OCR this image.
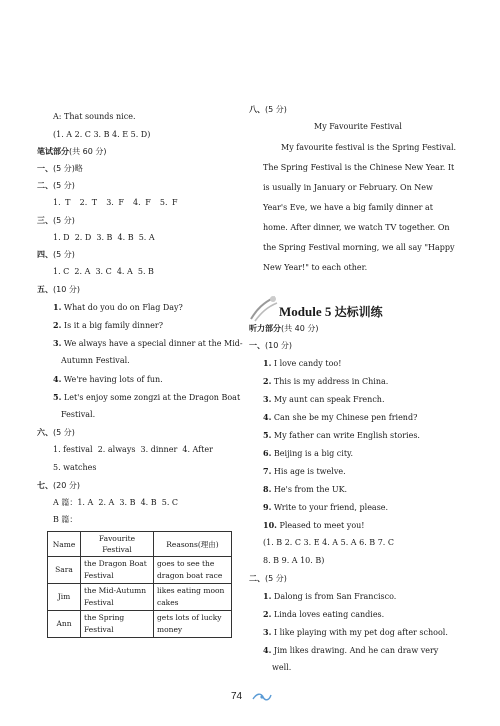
A: That sounds nice.
(1. A 2. C 3. B 4. E 5. D)
笔试部分(共 60 分)
一、(5 分)略
二、(5 分)
1. T 2. T 3. F 4. F 5. F
三、(5 分)
1. D 2. D 3. B 4. B 5. A
四、(5 分)
1. C 2. A 3. C 4. A 5. B
五、(10 分)
1. What do you do on Flag Day?
2. Is it a big family dinner?
3. We always have a special dinner at the Mid-
Autumn Festival.
4. We're having lots of fun.
5. Let's enjoy some zongzi at the Dragon Boat
Festival.
六、(5 分)
1. festival 2. always 3. dinner 4. After
5. watches
七、(20 分)
A 篇：1. A 2. A 3. B 4. B 5. C
B 篇：
Name	Favourite Festival	Reasons(理由)
Sara	the Dragon Boat Festival	goes to see the dragon boat race
Jim	the Mid-Autumn Festival	likes eating moon cakes
Ann	the Spring Festival	gets lots of lucky money
八、(5 分)
My Favourite Festival
My favourite festival is the Spring Festival.
The Spring Festival is the Chinese New Year. It
is usually in January or February. On New
Year's Eve, we have a big family dinner at
home. After dinner, we watch TV together. On
the Spring Festival morning, we all say "Happy
New Year!" to each other.
Module 5 达标训练
听力部分(共 40 分)
一、(10 分)
1. I love candy too!
2. This is my address in China.
3. My aunt can speak French.
4. Can she be my Chinese pen friend?
5. My father can write English stories.
6. Beijing is a big city.
7. His age is twelve.
8. He's from the UK.
9. Write to your friend, please.
10. Pleased to meet you!
(1. B 2. C 3. E 4. A 5. A 6. B 7. C
8. B 9. A 10. B)
二、(5 分)
1. Dalong is from San Francisco.
2. Linda loves eating candies.
3. I like playing with my pet dog after school.
4. Jim likes drawing. And he can draw very
well.
74
